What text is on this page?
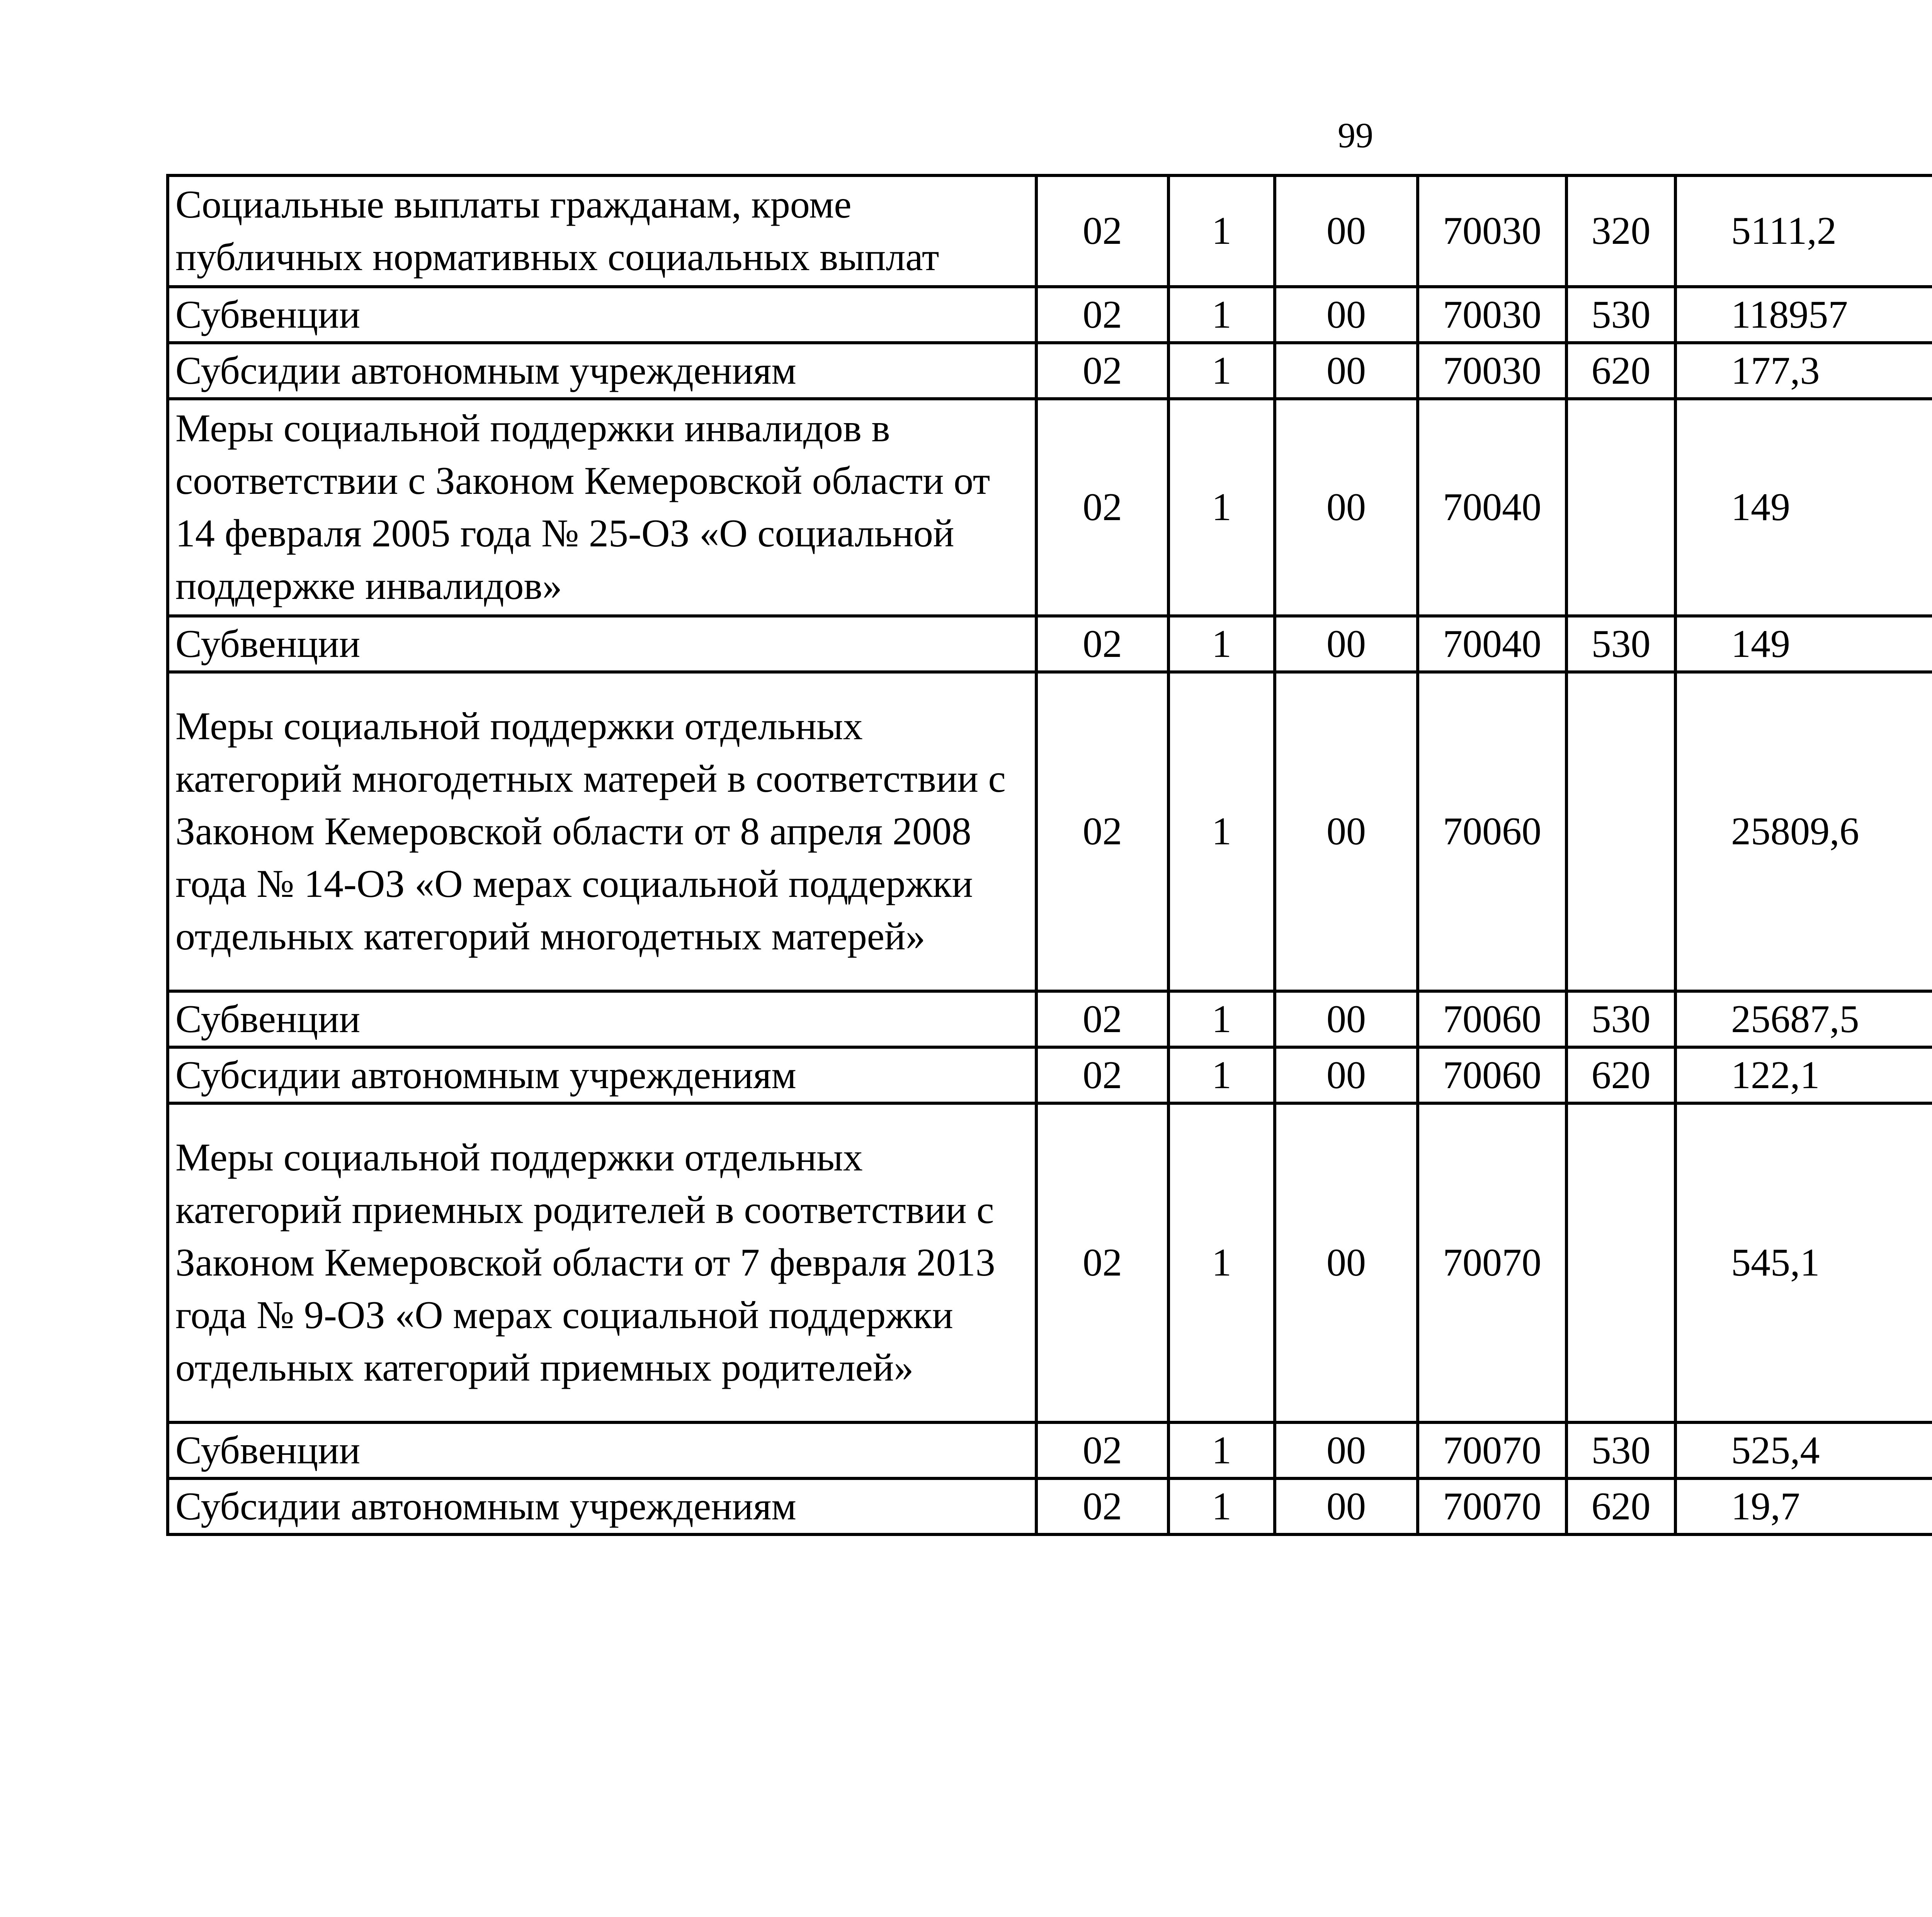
99
Социальные выплаты гражданам, кроме публичных нормативных социальных выплат	02	1	00	70030	320	5111,2		
Субвенции	02	1	00	70030	530	118957		
Субсидии автономным учреждениям	02	1	00	70030	620	177,3		
Меры социальной поддержки инвалидов в соответствии с Законом Кемеровской области от 14 февраля 2005 года № 25-ОЗ «О социальной поддержке инвалидов»	02	1	00	70040		149		
Субвенции	02	1	00	70040	530	149		
Меры социальной поддержки отдельных категорий многодетных матерей в соответствии с Законом Кемеровской области от 8 апреля 2008 года № 14-ОЗ «О мерах социальной поддержки отдельных категорий многодетных матерей»	02	1	00	70060		25809,6		
Субвенции	02	1	00	70060	530	25687,5		
Субсидии автономным учреждениям	02	1	00	70060	620	122,1		
Меры социальной поддержки отдельных категорий приемных родителей в соответствии с Законом Кемеровской области от 7 февраля 2013 года № 9-ОЗ «О мерах социальной поддержки отдельных категорий приемных родителей»	02	1	00	70070		545,1		
Субвенции	02	1	00	70070	530	525,4		
Субсидии автономным учреждениям	02	1	00	70070	620	19,7		
